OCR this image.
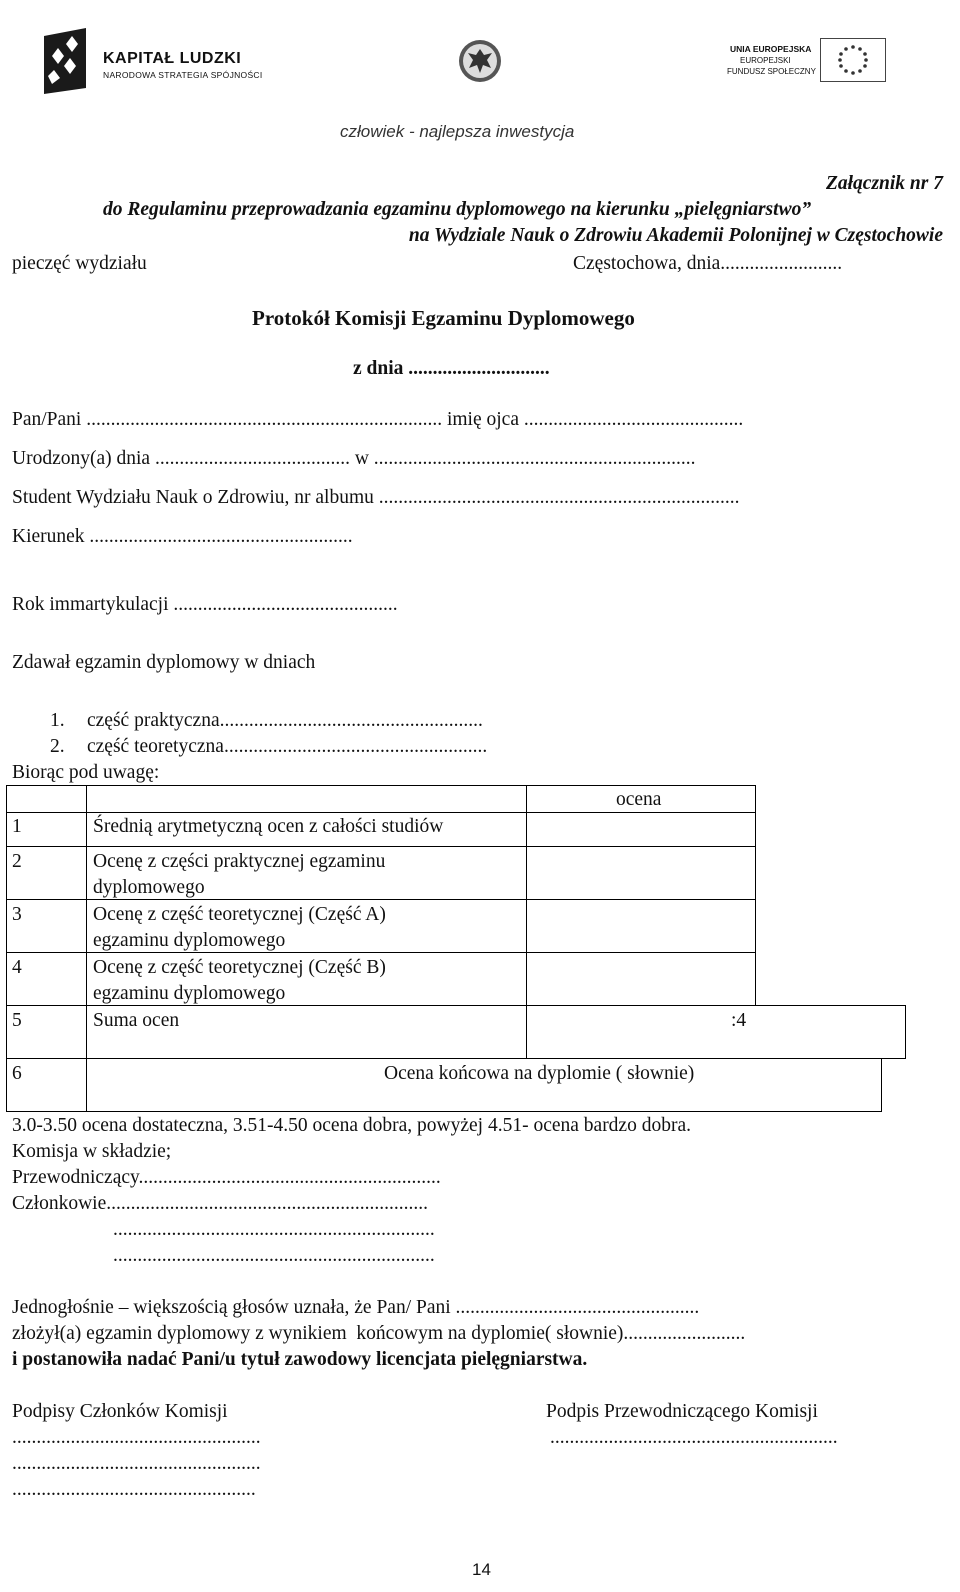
KAPITAŁ LUDZKI
NARODOWA STRATEGIA SPÓJNOŚCI
UNIA EUROPEJSKA
EUROPEJSKI
FUNDUSZ SPOŁECZNY
człowiek - najlepsza inwestycja
Załącznik nr 7
do Regulaminu przeprowadzania egzaminu dyplomowego na kierunku „pielęgniarstwo”
na Wydziale Nauk o Zdrowiu Akademii Polonijnej w Częstochowie
pieczęć wydziału	Częstochowa, dnia.........................
Protokół Komisji Egzaminu Dyplomowego
z dnia .............................
Pan/Pani ......................................................................... imię ojca .............................................
Urodzony(a) dnia ........................................ w ..................................................................
Student Wydziału Nauk o Zdrowiu, nr albumu ..........................................................................
Kierunek ......................................................
Rok immartykulacji ..............................................
Zdawał egzamin dyplomowy w dniach
1. część praktyczna......................................................
2. część teoretyczna......................................................
Biorąc pod uwagę:
ocena
1	Średnią arytmetyczną ocen z całości studiów
2	Ocenę z części praktycznej egzaminu
dyplomowego
3	Ocenę z część teoretycznej (Część A)
egzaminu dyplomowego
4	Ocenę z część teoretycznej (Część B)
egzaminu dyplomowego
5	Suma ocen	:4
6	Ocena końcowa na dyplomie ( słownie)
3.0-3.50 ocena dostateczna, 3.51-4.50 ocena dobra, powyżej 4.51- ocena bardzo dobra.
Komisja w składzie;
Przewodniczący..............................................................
Członkowie..................................................................
..................................................................
..................................................................
Jednogłośnie – większością głosów uznała, że Pan/ Pani ..................................................
złożył(a) egzamin dyplomowy z wynikiem  końcowym na dyplomie( słownie).........................
i postanowiła nadać Pani/u tytuł zawodowy licencjata pielęgniarstwa.
Podpisy Członków Komisji	Podpis Przewodniczącego Komisji
...................................................	...........................................................
...................................................
..................................................
14
